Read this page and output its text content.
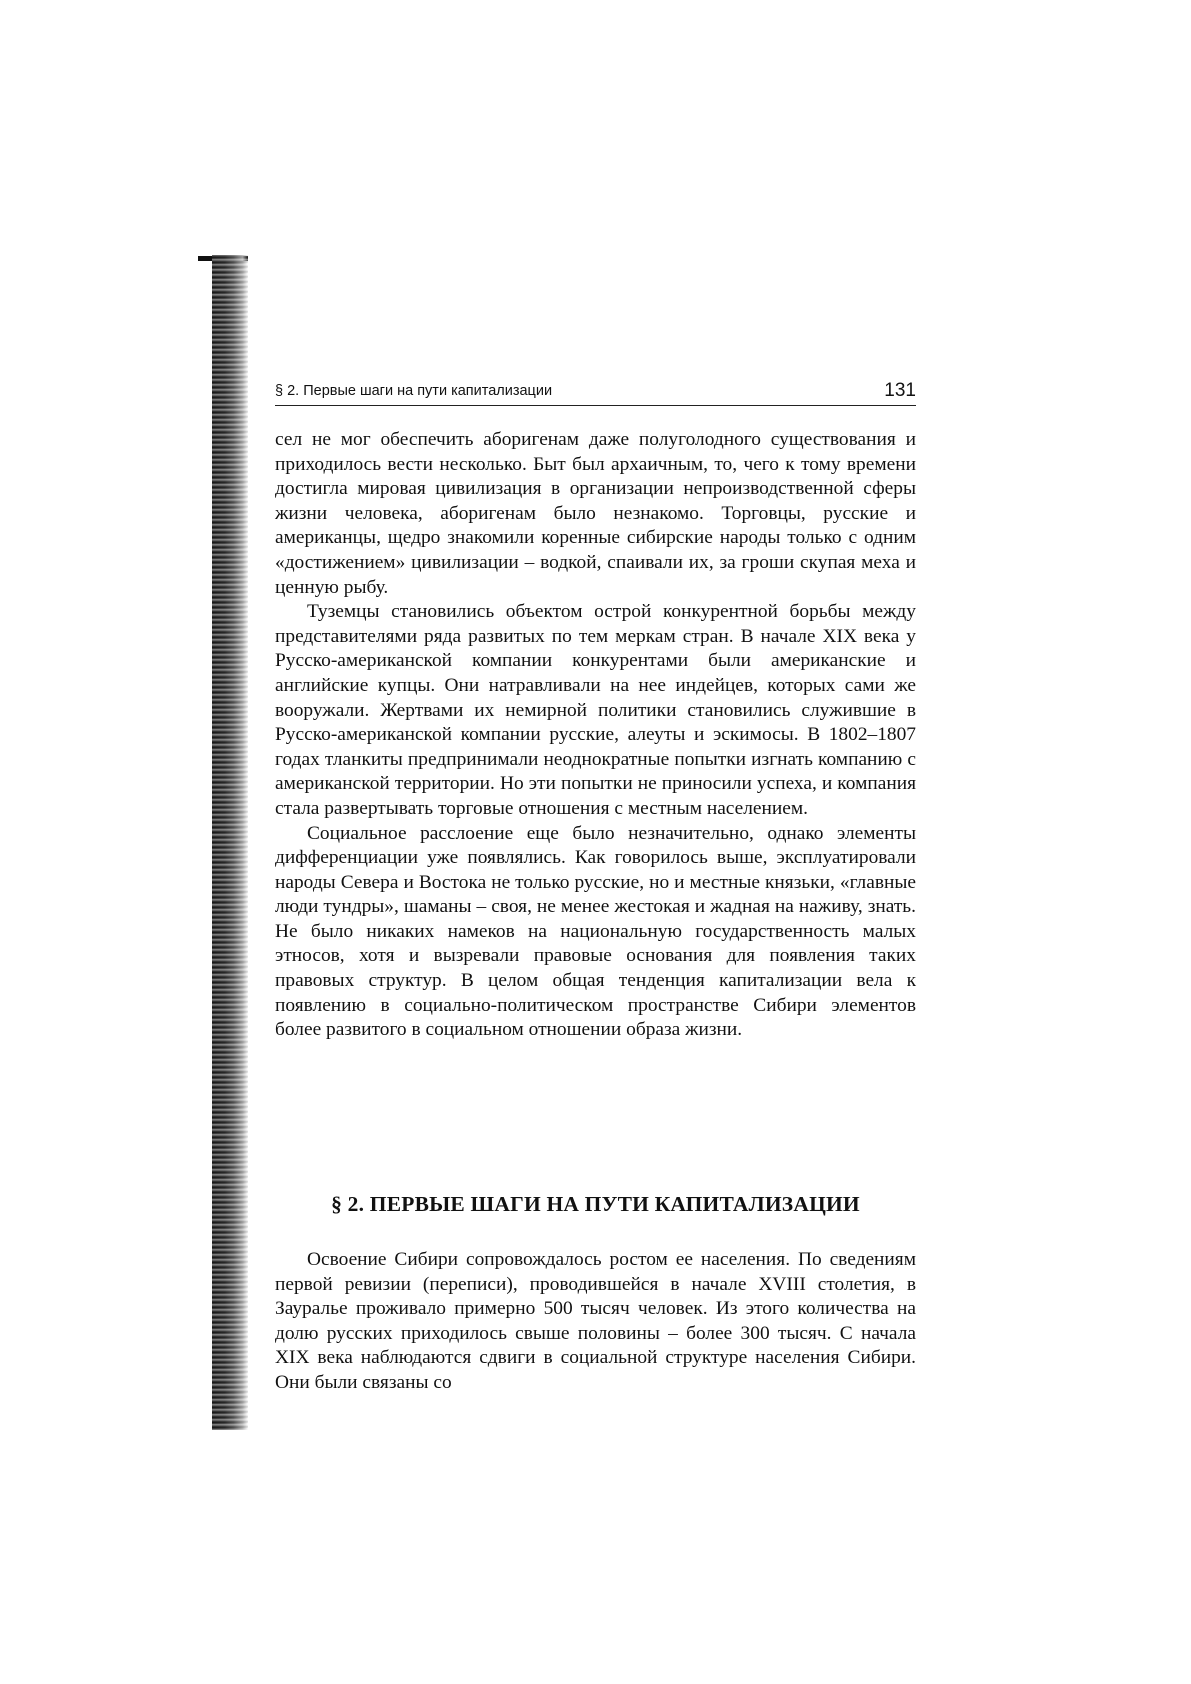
§ 2. Первые шаги на пути капитализации	131

сел не мог обеспечить аборигенам даже полуголодного существования и приходилось вести несколько. Быт был архаичным, то, чего к тому времени достигла мировая цивилизация в организации непроизводственной сферы жизни человека, аборигенам было незнакомо. Торговцы, русские и американцы, щедро знакомили коренные сибирские народы только с одним «достижением» цивилизации – водкой, спаивали их, за гроши скупая меха и ценную рыбу.

Туземцы становились объектом острой конкурентной борьбы между представителями ряда развитых по тем меркам стран. В начале XIX века у Русско-американской компании конкурентами были американские и английские купцы. Они натравливали на нее индейцев, которых сами же вооружали. Жертвами их немирной политики становились служившие в Русско-американской компании русские, алеуты и эскимосы. В 1802–1807 годах тланкиты предпринимали неоднократные попытки изгнать компанию с американской территории. Но эти попытки не приносили успеха, и компания стала развертывать торговые отношения с местным населением.

Социальное расслоение еще было незначительно, однако элементы дифференциации уже появлялись. Как говорилось выше, эксплуатировали народы Севера и Востока не только русские, но и местные князьки, «главные люди тундры», шаманы – своя, не менее жестокая и жадная на наживу, знать. Не было никаких намеков на национальную государственность малых этносов, хотя и вызревали правовые основания для появления таких правовых структур. В целом общая тенденция капитализации вела к появлению в социально-политическом пространстве Сибири элементов более развитого в социальном отношении образа жизни.

§ 2. ПЕРВЫЕ ШАГИ НА ПУТИ КАПИТАЛИЗАЦИИ

Освоение Сибири сопровождалось ростом ее населения. По сведениям первой ревизии (переписи), проводившейся в начале XVIII столетия, в Зауралье проживало примерно 500 тысяч человек. Из этого количества на долю русских приходилось свыше половины – более 300 тысяч. С начала XIX века наблюдаются сдвиги в социальной структуре населения Сибири. Они были связаны со
